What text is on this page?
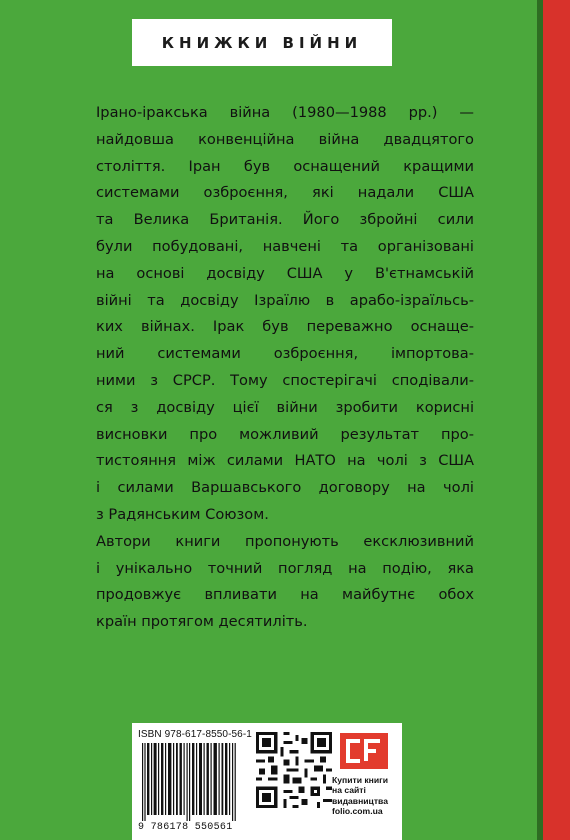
КНИЖКИ ВІЙНИ
Ірано-іракська війна (1980—1988 рр.) —
найдовша конвенційна війна двадцятого
століття. Іран був оснащений кращими
системами озброєння, які надали США
та Велика Британія. Його збройні сили
були побудовані, навчені та організовані
на основі досвіду США у В'єтнамській
війні та досвіду Ізраїлю в арабо-ізраїльсь-
ких війнах. Ірак був переважно оснаще-
ний системами озброєння, імпортова-
ними з СРСР. Тому спостерігачі сподівали-
ся з досвіду цієї війни зробити корисні
висновки про можливий результат про-
тистояння між силами НАТО на чолі з США
і силами Варшавського договору на чолі
з Радянським Союзом.
Автори книги пропонують ексклюзивний
і унікально точний погляд на подію, яка
продовжує впливати на майбутнє обох
країн протягом десятиліть.
ISBN 978-617-8550-56-1
9 786178 550561
Купити книги
на сайті
видавництва
folio.com.ua
